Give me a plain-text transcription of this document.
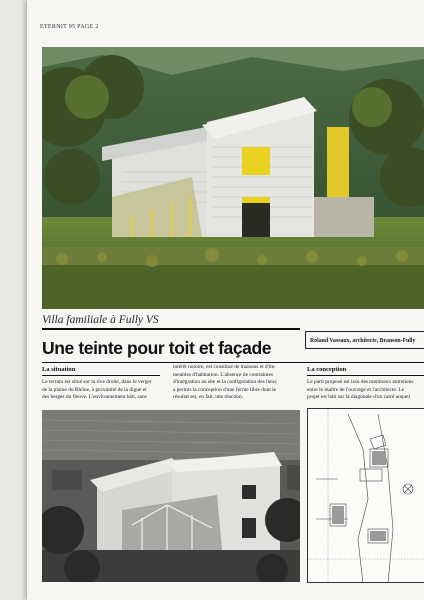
ETERNIT 95 PAGE 2
Villa familiale à Fully VS
Une teinte pour toit et façade	Roland Vassaux, architecte, Branson-Fully
La situation	La conception
Le terrain est situé sur la rive droite, dans le verger
de la plaine du Rhône, à proximité de la digue et
des berges du fleuve. L'environnement bâti, sans
intérêt notoire, est constitué de maisons et d'im-
meubles d'habitation. L'absence de contraintes
d'intégration au site et la configuration des lieux
a permis la conception d'une forme libre dont le
résultat est, en fait, une réaction.
Le parti proposé est issu des nombreux entretiens
entre le maître de l'ouvrage et l'architecte. Le
projet est bâti sur la diagonale d'un carré auquel
